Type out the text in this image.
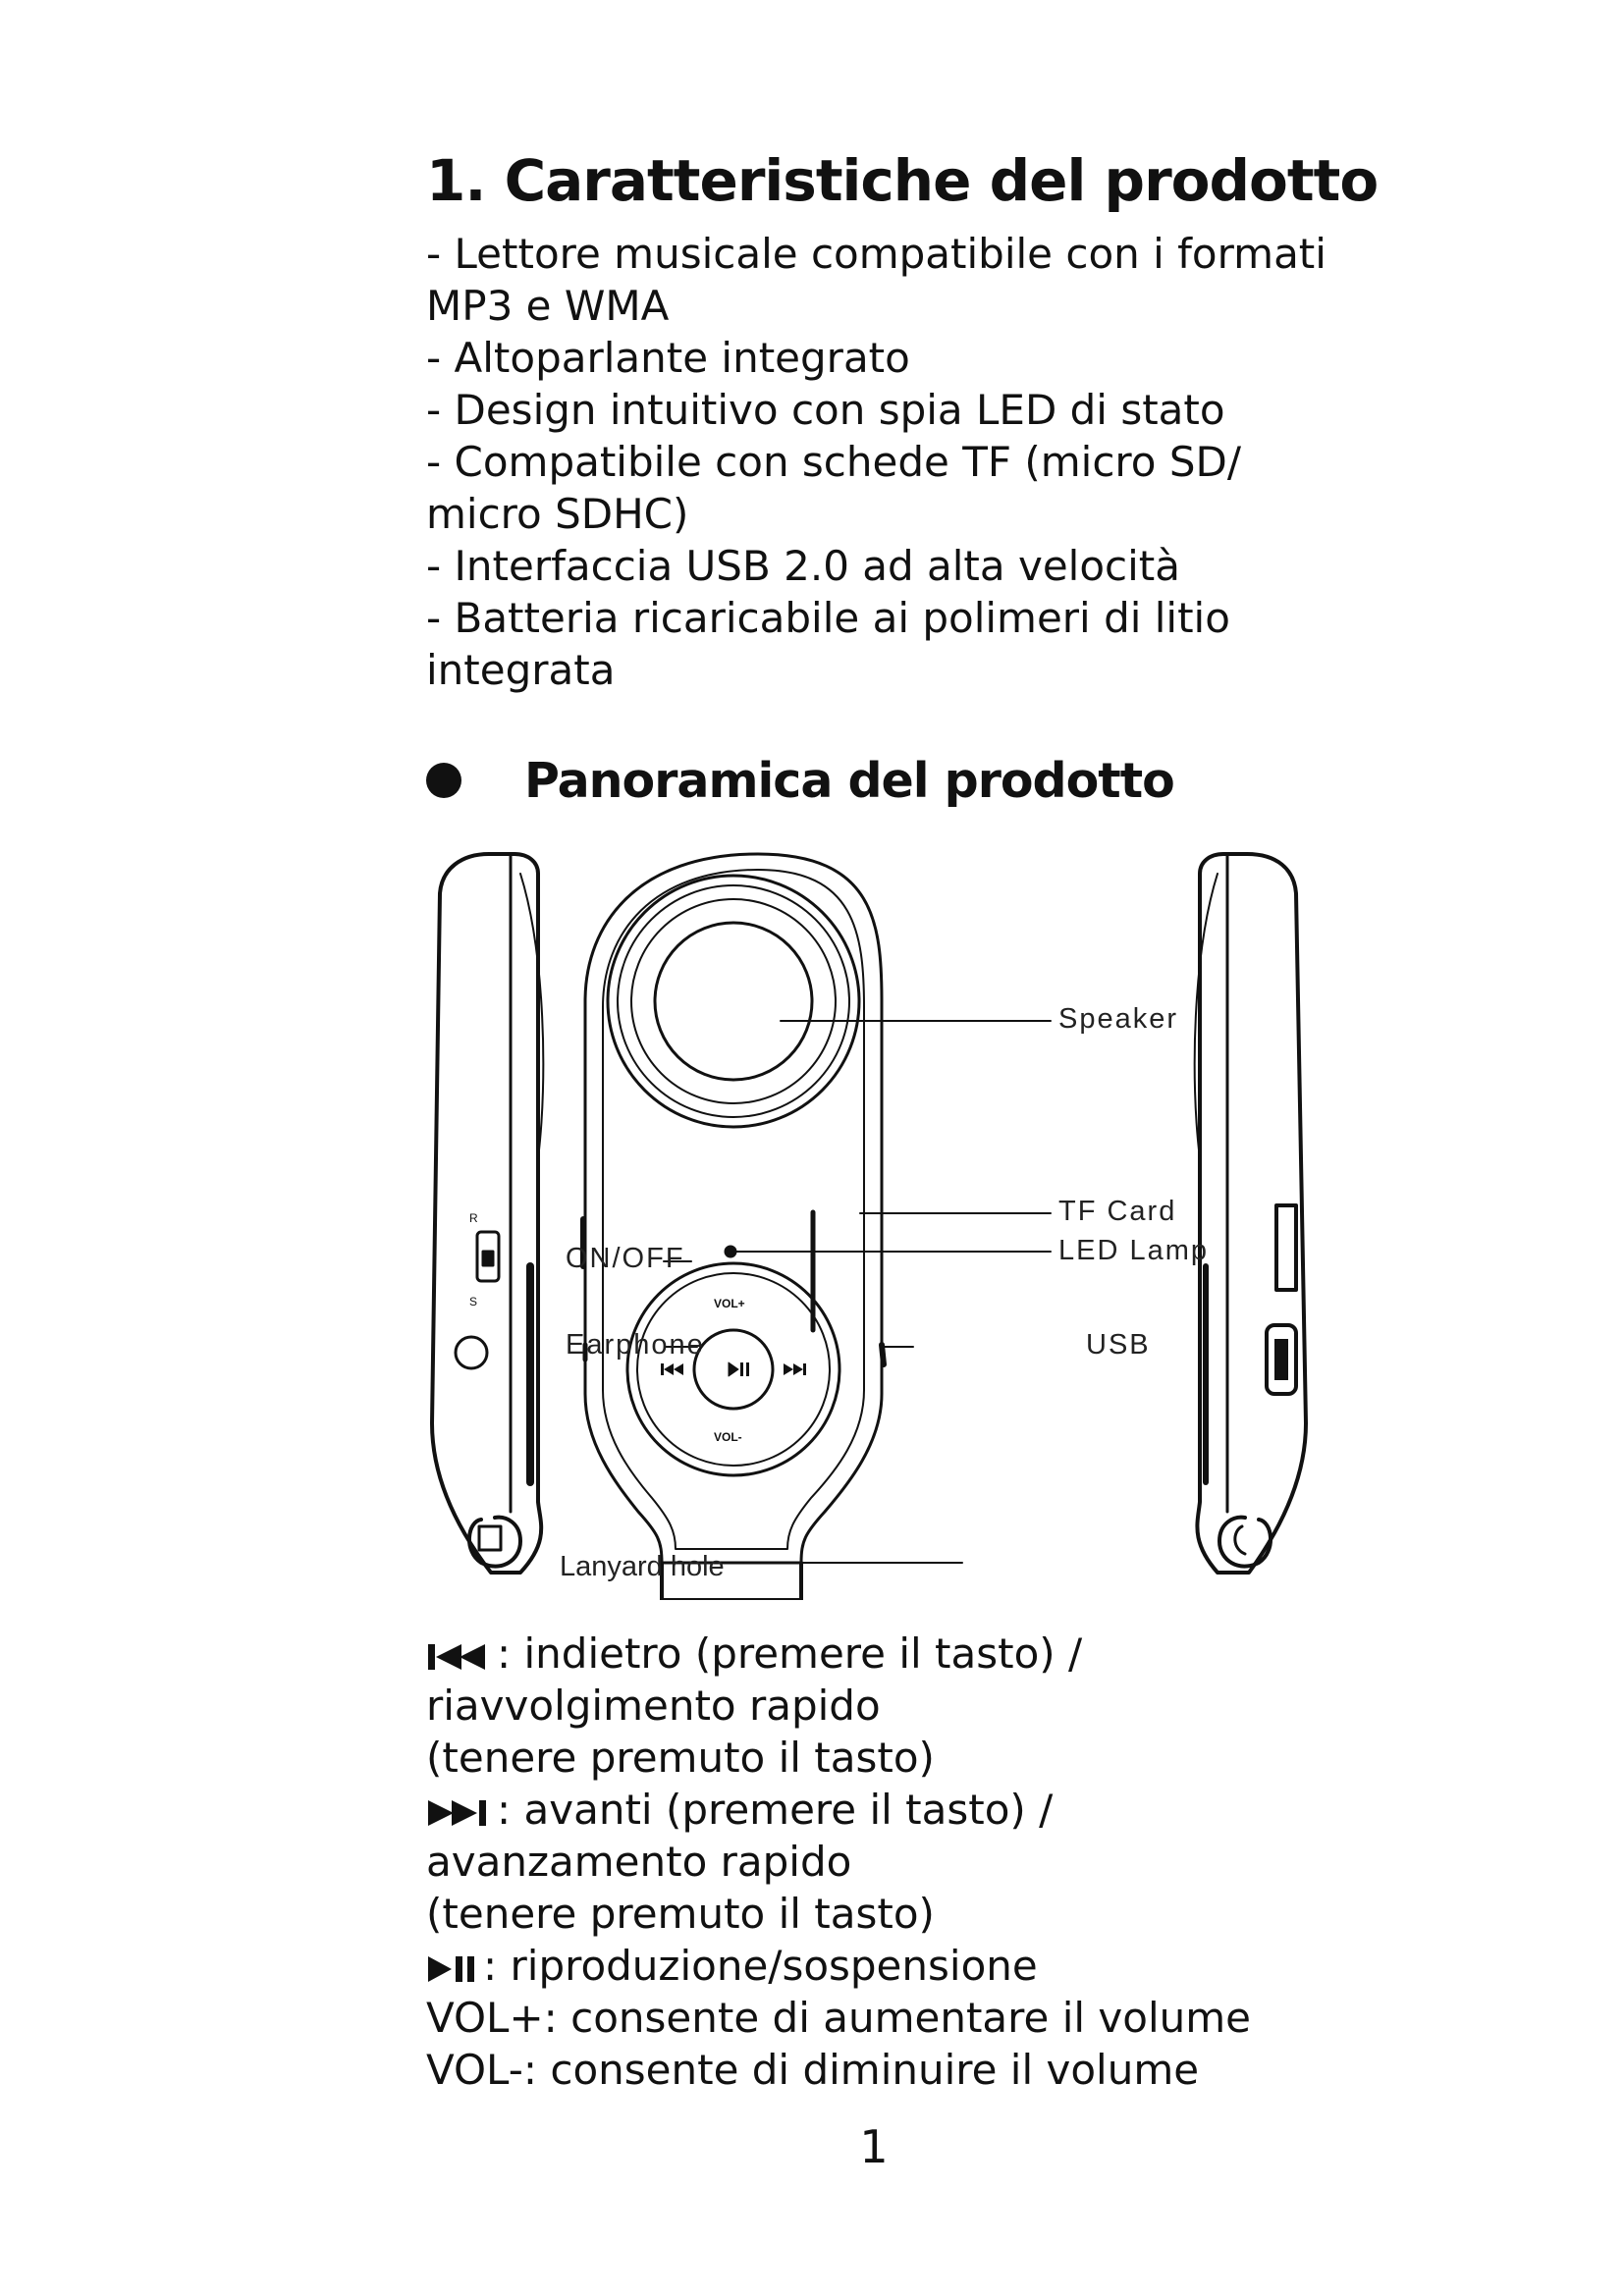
1. Caratteristiche del prodotto
- Lettore musicale compatibile con i formati
MP3 e WMA
- Altoparlante integrato
- Design intuitivo con spia LED di stato
- Compatibile con schede TF (micro SD/
micro SDHC)
- Interfaccia USB 2.0 ad alta velocità
- Batteria ricaricabile ai polimeri di litio
integrata
Panoramica del prodotto
R
S	VOL+
VOL-
Speaker
TF Card
LED Lamp
ON/OFF
Earphone	USB
Lanyard hole
: indietro (premere il tasto) /
riavvolgimento rapido
(tenere premuto il tasto)
: avanti (premere il tasto) /
avanzamento rapido
(tenere premuto il tasto)
: riproduzione/sospensione
VOL+: consente di aumentare il volume
VOL-: consente di diminuire il volume
1
